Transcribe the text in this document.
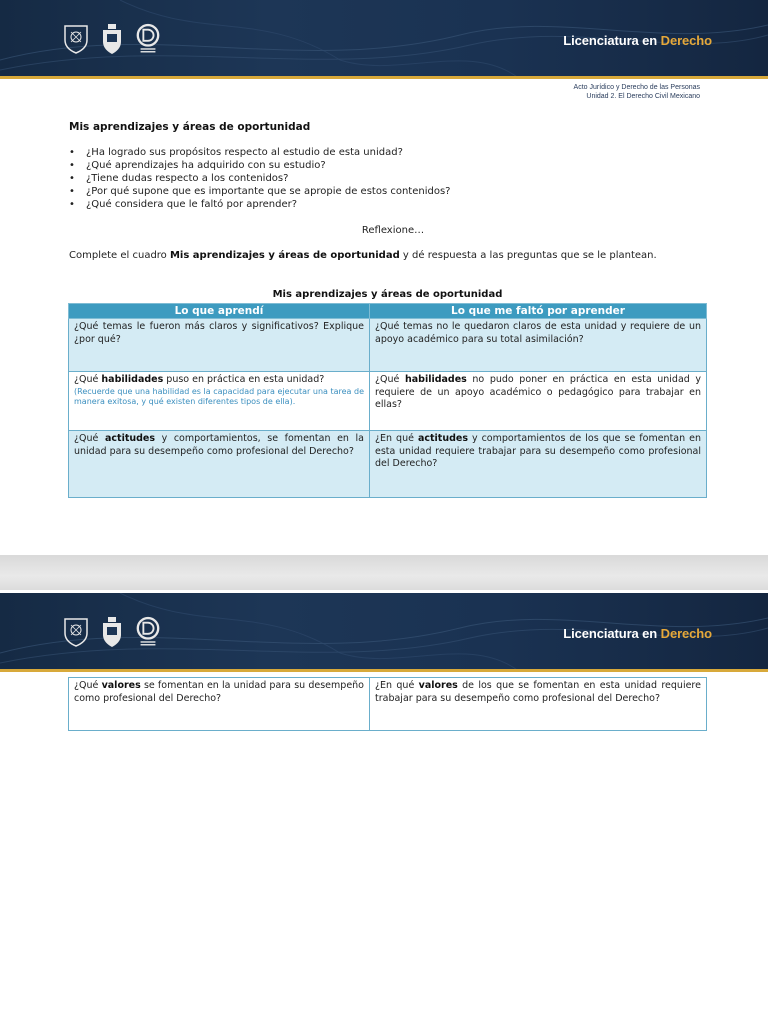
Licenciatura en Derecho
Acto Jurídico y Derecho de las Personas
Unidad 2. El Derecho Civil Mexicano
Mis aprendizajes y áreas de oportunidad
• ¿Ha logrado sus propósitos respecto al estudio de esta unidad?
• ¿Qué aprendizajes ha adquirido con su estudio?
• ¿Tiene dudas respecto a los contenidos?
• ¿Por qué supone que es importante que se apropie de estos contenidos?
• ¿Qué considera que le faltó por aprender?
Reflexione…
Complete el cuadro Mis aprendizajes y áreas de oportunidad y dé respuesta a las preguntas que se le plantean.
Mis aprendizajes y áreas de oportunidad
Lo que aprendí	Lo que me faltó por aprender
¿Qué temas le fueron más claros y significativos? Explique ¿por qué?	¿Qué temas no le quedaron claros de esta unidad y requiere de un apoyo académico para su total asimilación?
¿Qué habilidades puso en práctica en esta unidad?
(Recuerde que una habilidad es la capacidad para ejecutar una tarea de manera exitosa, y qué existen diferentes tipos de ella).	¿Qué habilidades no pudo poner en práctica en esta unidad y requiere de un apoyo académico o pedagógico para trabajar en ellas?
¿Qué actitudes y comportamientos, se fomentan en la unidad para su desempeño como profesional del Derecho?	¿En qué actitudes y comportamientos de los que se fomentan en esta unidad requiere trabajar para su desempeño como profesional del Derecho?
Licenciatura en Derecho
¿Qué valores se fomentan en la unidad para su desempeño como profesional del Derecho?	¿En qué valores de los que se fomentan en esta unidad requiere trabajar para su desempeño como profesional del Derecho?
